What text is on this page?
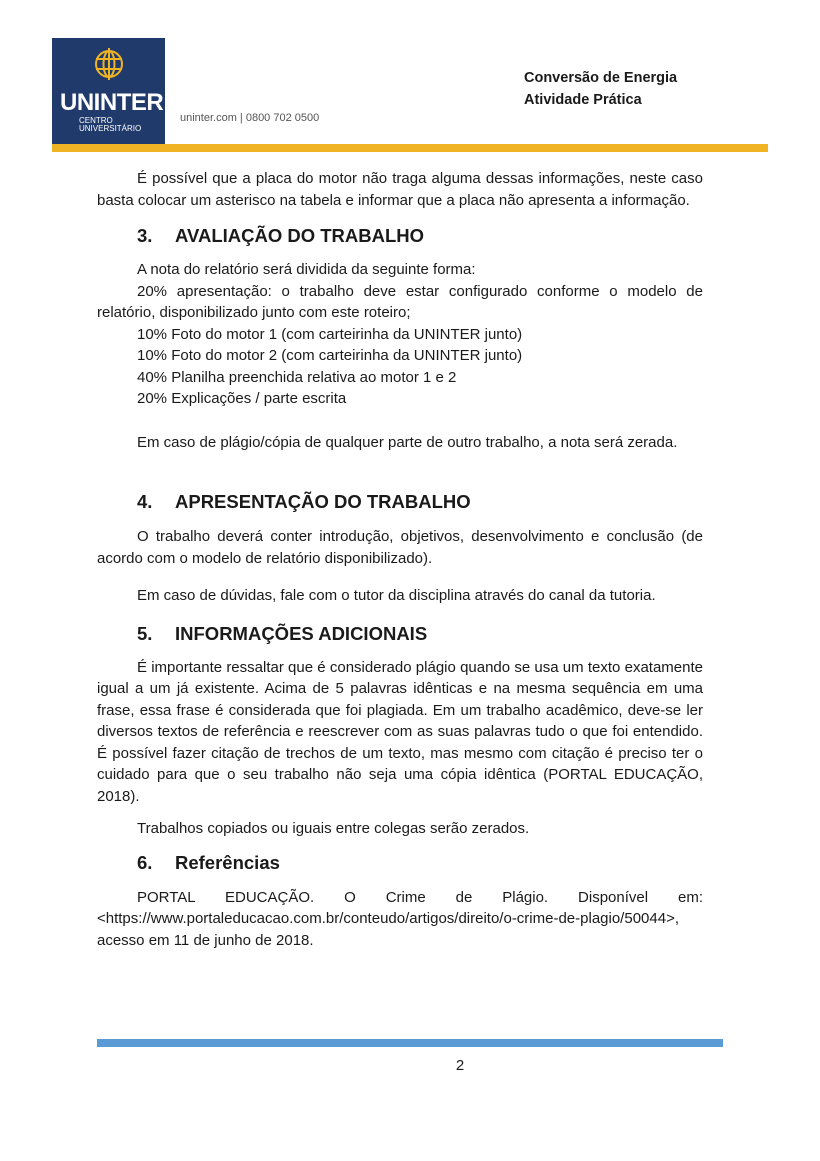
UNINTER
CENTRO
UNIVERSITÁRIO
uninter.com | 0800 702 0500
Conversão de Energia
Atividade Prática

É possível que a placa do motor não traga alguma dessas informações, neste caso basta colocar um asterisco na tabela e informar que a placa não apresenta a informação.

3.	AVALIAÇÃO DO TRABALHO

A nota do relatório será dividida da seguinte forma:

20% apresentação: o trabalho deve estar configurado conforme o modelo de relatório, disponibilizado junto com este roteiro;

10% Foto do motor 1 (com carteirinha da UNINTER junto)

10% Foto do motor 2 (com carteirinha da UNINTER junto)

40% Planilha preenchida relativa ao motor 1 e 2

20% Explicações / parte escrita

Em caso de plágio/cópia de qualquer parte de outro trabalho, a nota será zerada.

4.	APRESENTAÇÃO DO TRABALHO

O trabalho deverá conter introdução, objetivos, desenvolvimento e conclusão (de acordo com o modelo de relatório disponibilizado).

Em caso de dúvidas, fale com o tutor da disciplina através do canal da tutoria.

5.	INFORMAÇÕES ADICIONAIS

É importante ressaltar que é considerado plágio quando se usa um texto exatamente igual a um já existente. Acima de 5 palavras idênticas e na mesma sequência em uma frase, essa frase é considerada que foi plagiada. Em um trabalho acadêmico, deve-se ler diversos textos de referência e reescrever com as suas palavras tudo o que foi entendido. É possível fazer citação de trechos de um texto, mas mesmo com citação é preciso ter o cuidado para que o seu trabalho não seja uma cópia idêntica (PORTAL EDUCAÇÃO, 2018).

Trabalhos copiados ou iguais entre colegas serão zerados.

6.	Referências

PORTAL EDUCAÇÃO. O Crime de Plágio. Disponível em: <https://www.portaleducacao.com.br/conteudo/artigos/direito/o-crime-de-plagio/50044>, acesso em 11 de junho de 2018.

2
